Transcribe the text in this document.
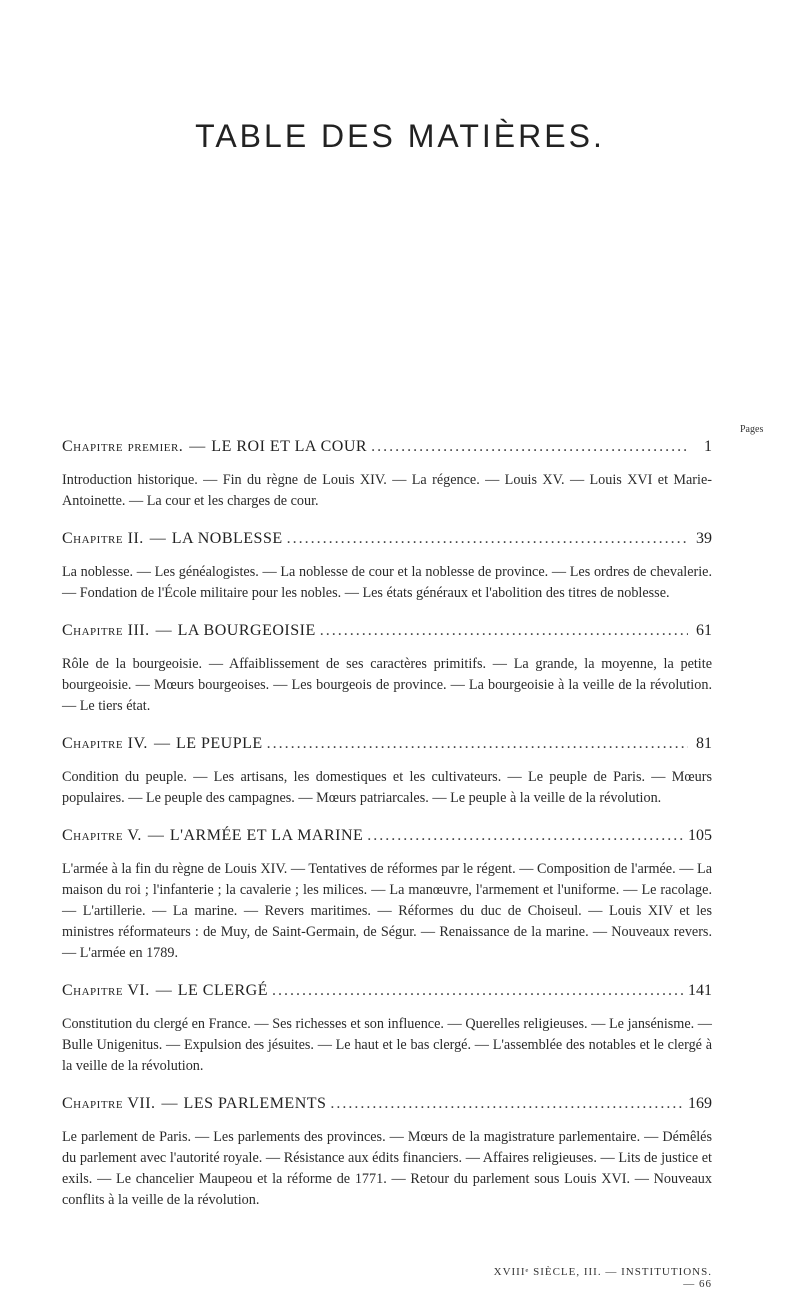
TABLE DES MATIÈRES.
Pages
Chapitre premier. — LE ROI ET LA COUR .....	1

Introduction historique. — Fin du règne de Louis XIV. — La régence. — Louis XV. — Louis XVI et Marie-Antoinette. — La cour et les charges de cour.

Chapitre II. — LA NOBLESSE .....	39

La noblesse. — Les généalogistes. — La noblesse de cour et la noblesse de province. — Les ordres de chevalerie. — Fondation de l'École militaire pour les nobles. — Les états généraux et l'abolition des titres de noblesse.

Chapitre III. — LA BOURGEOISIE .....	61

Rôle de la bourgeoisie. — Affaiblissement de ses caractères primitifs. — La grande, la moyenne, la petite bourgeoisie. — Mœurs bourgeoises. — Les bourgeois de province. — La bourgeoisie à la veille de la révolution. — Le tiers état.

Chapitre IV. — LE PEUPLE .....	81

Condition du peuple. — Les artisans, les domestiques et les cultivateurs. — Le peuple de Paris. — Mœurs populaires. — Le peuple des campagnes. — Mœurs patriarcales. — Le peuple à la veille de la révolution.

Chapitre V. — L'ARMÉE ET LA MARINE .....	105

L'armée à la fin du règne de Louis XIV. — Tentatives de réformes par le régent. — Composition de l'armée. — La maison du roi ; l'infanterie ; la cavalerie ; les milices. — La manœuvre, l'armement et l'uniforme. — Le racolage. — L'artillerie. — La marine. — Revers maritimes. — Réformes du duc de Choiseul. — Louis XIV et les ministres réformateurs : de Muy, de Saint-Germain, de Ségur. — Renaissance de la marine. — Nouveaux revers. — L'armée en 1789.

Chapitre VI. — LE CLERGÉ .....	141

Constitution du clergé en France. — Ses richesses et son influence. — Querelles religieuses. — Le jansénisme. — Bulle Unigenitus. — Expulsion des jésuites. — Le haut et le bas clergé. — L'assemblée des notables et le clergé à la veille de la révolution.

Chapitre VII. — LES PARLEMENTS .....	169

Le parlement de Paris. — Les parlements des provinces. — Mœurs de la magistrature parlementaire. — Démêlés du parlement avec l'autorité royale. — Résistance aux édits financiers. — Affaires religieuses. — Lits de justice et exils. — Le chancelier Maupeou et la réforme de 1771. — Retour du parlement sous Louis XVI. — Nouveaux conflits à la veille de la révolution.

XVIIIᵉ SIÈCLE, III. — INSTITUTIONS. — 66
